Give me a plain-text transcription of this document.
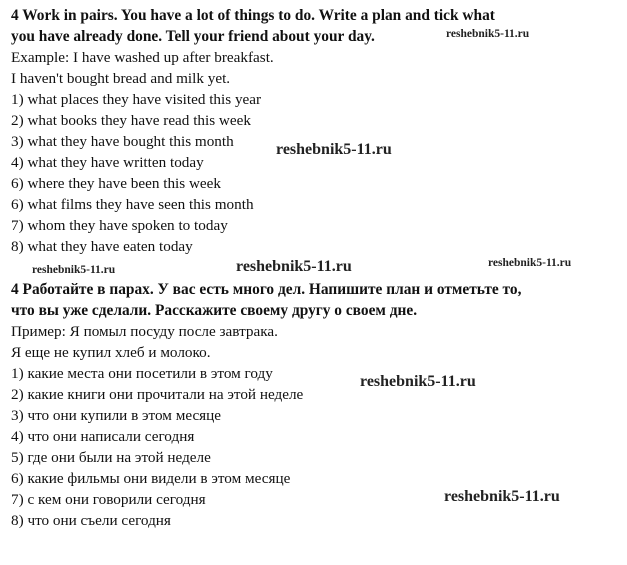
4 Work in pairs. You have a lot of things to do. Write a plan and tick what
you have already done. Tell your friend about your day.
Example: I have washed up after breakfast.
I haven't bought bread and milk yet.
1) what places they have visited this year
2) what books they have read this week
3) what they have bought this month
4) what they have written today
6) where they have been this week
6) what films they have seen this month
7) whom they have spoken to today
8) what they have eaten today
4 Работайте в парах. У вас есть много дел. Напишите план и отметьте то,
что вы уже сделали. Расскажите своему другу о своем дне.
Пример: Я помыл посуду после завтрака.
Я еще не купил хлеб и молоко.
1) какие места они посетили в этом году
2) какие книги они прочитали на этой неделе
3) что они купили в этом месяце
4) что они написали сегодня
5) где они были на этой неделе
6) какие фильмы они видели в этом месяце
7) с кем они говорили сегодня
8) что они съели сегодня
reshebnik5-11.ru
reshebnik5-11.ru
reshebnik5-11.ru	reshebnik5-11.ru	reshebnik5-11.ru
reshebnik5-11.ru
reshebnik5-11.ru
